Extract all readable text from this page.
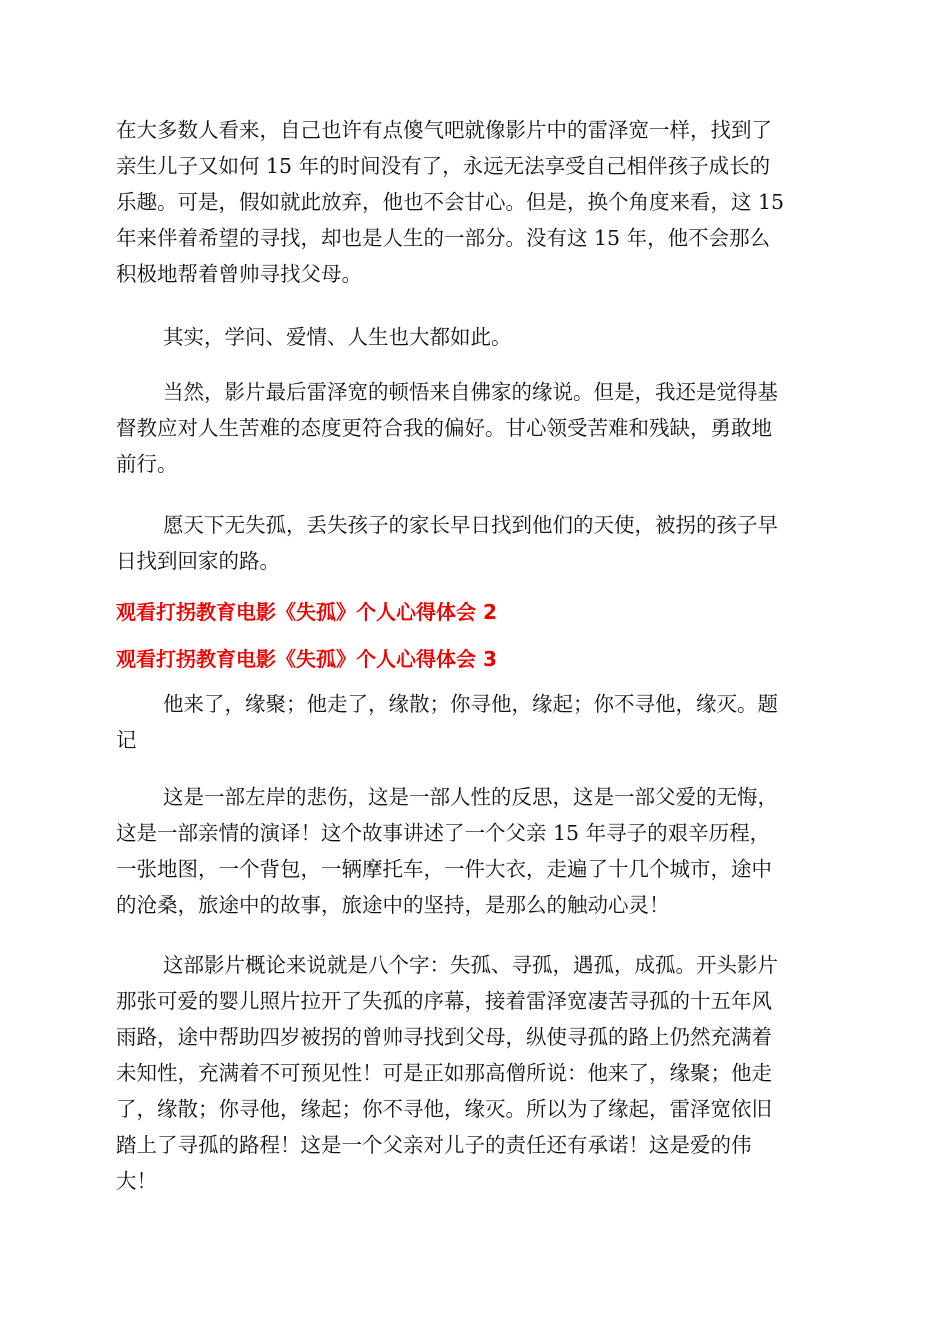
在大多数人看来，自己也许有点傻气吧就像影片中的雷泽宽一样，找到了
亲生儿子又如何 15 年的时间没有了，永远无法享受自己相伴孩子成长的
乐趣。可是，假如就此放弃，他也不会甘心。但是，换个角度来看，这 15
年来伴着希望的寻找，却也是人生的一部分。没有这 15 年，他不会那么
积极地帮着曾帅寻找父母。
其实，学问、爱情、人生也大都如此。
当然，影片最后雷泽宽的顿悟来自佛家的缘说。但是，我还是觉得基
督教应对人生苦难的态度更符合我的偏好。甘心领受苦难和残缺，勇敢地
前行。
愿天下无失孤，丢失孩子的家长早日找到他们的天使，被拐的孩子早
日找到回家的路。
观看打拐教育电影《失孤》个人心得体会 2
观看打拐教育电影《失孤》个人心得体会 3
他来了，缘聚；他走了，缘散；你寻他，缘起；你不寻他，缘灭。题
记
这是一部左岸的悲伤，这是一部人性的反思，这是一部父爱的无悔，
这是一部亲情的演译！这个故事讲述了一个父亲 15 年寻子的艰辛历程，
一张地图，一个背包，一辆摩托车，一件大衣，走遍了十几个城市，途中
的沧桑，旅途中的故事，旅途中的坚持，是那么的触动心灵！
这部影片概论来说就是八个字：失孤、寻孤，遇孤，成孤。开头影片
那张可爱的婴儿照片拉开了失孤的序幕，接着雷泽宽凄苦寻孤的十五年风
雨路，途中帮助四岁被拐的曾帅寻找到父母，纵使寻孤的路上仍然充满着
未知性，充满着不可预见性！可是正如那高僧所说：他来了，缘聚；他走
了，缘散；你寻他，缘起；你不寻他，缘灭。所以为了缘起，雷泽宽依旧
踏上了寻孤的路程！这是一个父亲对儿子的责任还有承诺！这是爱的伟
大！
